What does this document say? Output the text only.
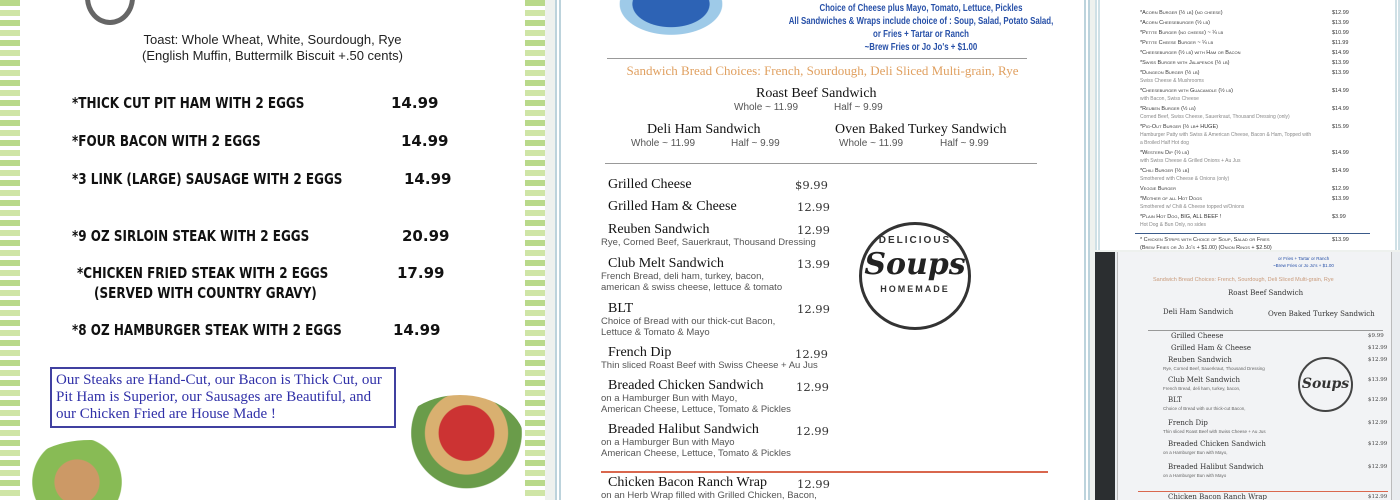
Toast: Whole Wheat, White, Sourdough, Rye
(English Muffin, Buttermilk Biscuit +.50 cents)
*THICK CUT PIT HAM WITH 2 EGGS	14.99
*FOUR BACON WITH 2 EGGS	14.99
*3 LINK (LARGE) SAUSAGE WITH 2 EGGS	14.99
*9 OZ SIRLOIN STEAK WITH 2 EGGS	20.99
*CHICKEN FRIED STEAK WITH 2 EGGS
(SERVED WITH COUNTRY GRAVY)
17.99
*8 OZ HAMBURGER STEAK WITH 2 EGGS	14.99
Our Steaks are Hand-Cut, our Bacon is Thick Cut, our Pit Ham is Superior, our Sausages are Beautiful, and our Chicken Fried are House Made !
Choice of Cheese plus Mayo, Tomato, Lettuce, Pickles
All Sandwiches & Wraps include choice of : Soup, Salad, Potato Salad,
or Fries + Tartar or Ranch
~Brew Fries or Jo Jo's + $1.00
Sandwich Bread Choices: French, Sourdough, Deli Sliced Multi-grain, Rye
Roast Beef Sandwich
Whole ~ 11.99	Half ~ 9.99
Deli Ham Sandwich
Whole ~ 11.99	Half ~ 9.99
Oven Baked Turkey Sandwich
Whole ~ 11.99	Half ~ 9.99
Grilled Cheese	$9.99
Grilled Ham & Cheese	12.99
Reuben Sandwich	12.99
Rye, Corned Beef, Sauerkraut, Thousand Dressing
Club Melt Sandwich	13.99
French Bread, deli ham, turkey, bacon,
american & swiss cheese, lettuce & tomato
BLT	12.99
Choice of Bread with our thick-cut Bacon,
Lettuce & Tomato & Mayo
French Dip	12.99
Thin sliced Roast Beef with Swiss Cheese + Au Jus
Breaded Chicken Sandwich	12.99
on a Hamburger Bun with Mayo,
American Cheese, Lettuce, Tomato & Pickles
Breaded Halibut Sandwich	12.99
on a Hamburger Bun with Mayo
American Cheese, Lettuce, Tomato & Pickles
Chicken Bacon Ranch Wrap	12.99
on an Herb Wrap filled with Grilled Chicken, Bacon,
DELICIOUS
Soups
HOMEMADE
*Acorn Burger (½ lb) (no cheese)	$12.99
*Acorn Cheeseburger (½ lb)	$13.99
*Petite Burger (no cheese) ~ ¼ lb	$10.99
*Petite Cheese Burger ~ ¼ lb	$11.99
*Cheeseburger (½ lb) with Ham or Bacon	$14.99
*Swiss Burger with Jalapenos (½ lb)	$13.99
*Dungeon Burger (½ lb)	$13.99
Swiss Cheese & Mushrooms
*Cheeseburger with Guacamole (½ lb)	$14.99
with Bacon, Swiss Cheese
*Reuben Burger (½ lb)	$14.99
Corned Beef, Swiss Cheese, Sauerkraut, Thousand Dressing (only)
*Pig-Out Burger (½ lb+ HUGE)	$15.99
Hamburger Patty with Swiss & American Cheese, Bacon & Ham, Topped with
a Broiled Half Hot dog
*Western Dip (½ lb)	$14.99
with Swiss Cheese & Grilled Onions + Au Jus
*Chili Burger (½ lb)	$14.99
Smothered with Cheese & Onions (only)
Veggie Burger	$12.99
*Mother of all Hot Dogs	$13.99
Smothered w/ Chili & Cheese topped w/Onions
*Plain Hot Dog, BIG, ALL BEEF !	$3.99
Hot Dog & Bun Only, no sides
* Chicken Strips with Choice of Soup, Salad or Fries	$13.99
(Brew Fries or Jo Jo's + $1.00) (Onion Rings + $2.50)
or Fries + Tartar or Ranch
~Brew Fries or Jo Jo's + $1.00
Sandwich Bread Choices: French, Sourdough, Deli Sliced Multi-grain, Rye
Roast Beef Sandwich
Deli Ham Sandwich	Oven Baked Turkey Sandwich
Grilled Cheese	$9.99
Grilled Ham & Cheese	$12.99
Reuben Sandwich	$12.99
Rye, Corned Beef, Sauerkraut, Thousand Dressing
Club Melt Sandwich	$13.99
French Bread, deli ham, turkey, bacon,
BLT	$12.99
Choice of Bread with our thick-cut Bacon,
French Dip	$12.99
Thin sliced Roast Beef with Swiss Cheese + Au Jus
Breaded Chicken Sandwich	$12.99
on a Hamburger Bun with Mayo,
Breaded Halibut Sandwich	$12.99
on a Hamburger Bun with Mayo
Chicken Bacon Ranch Wrap	$12.99
Soups
